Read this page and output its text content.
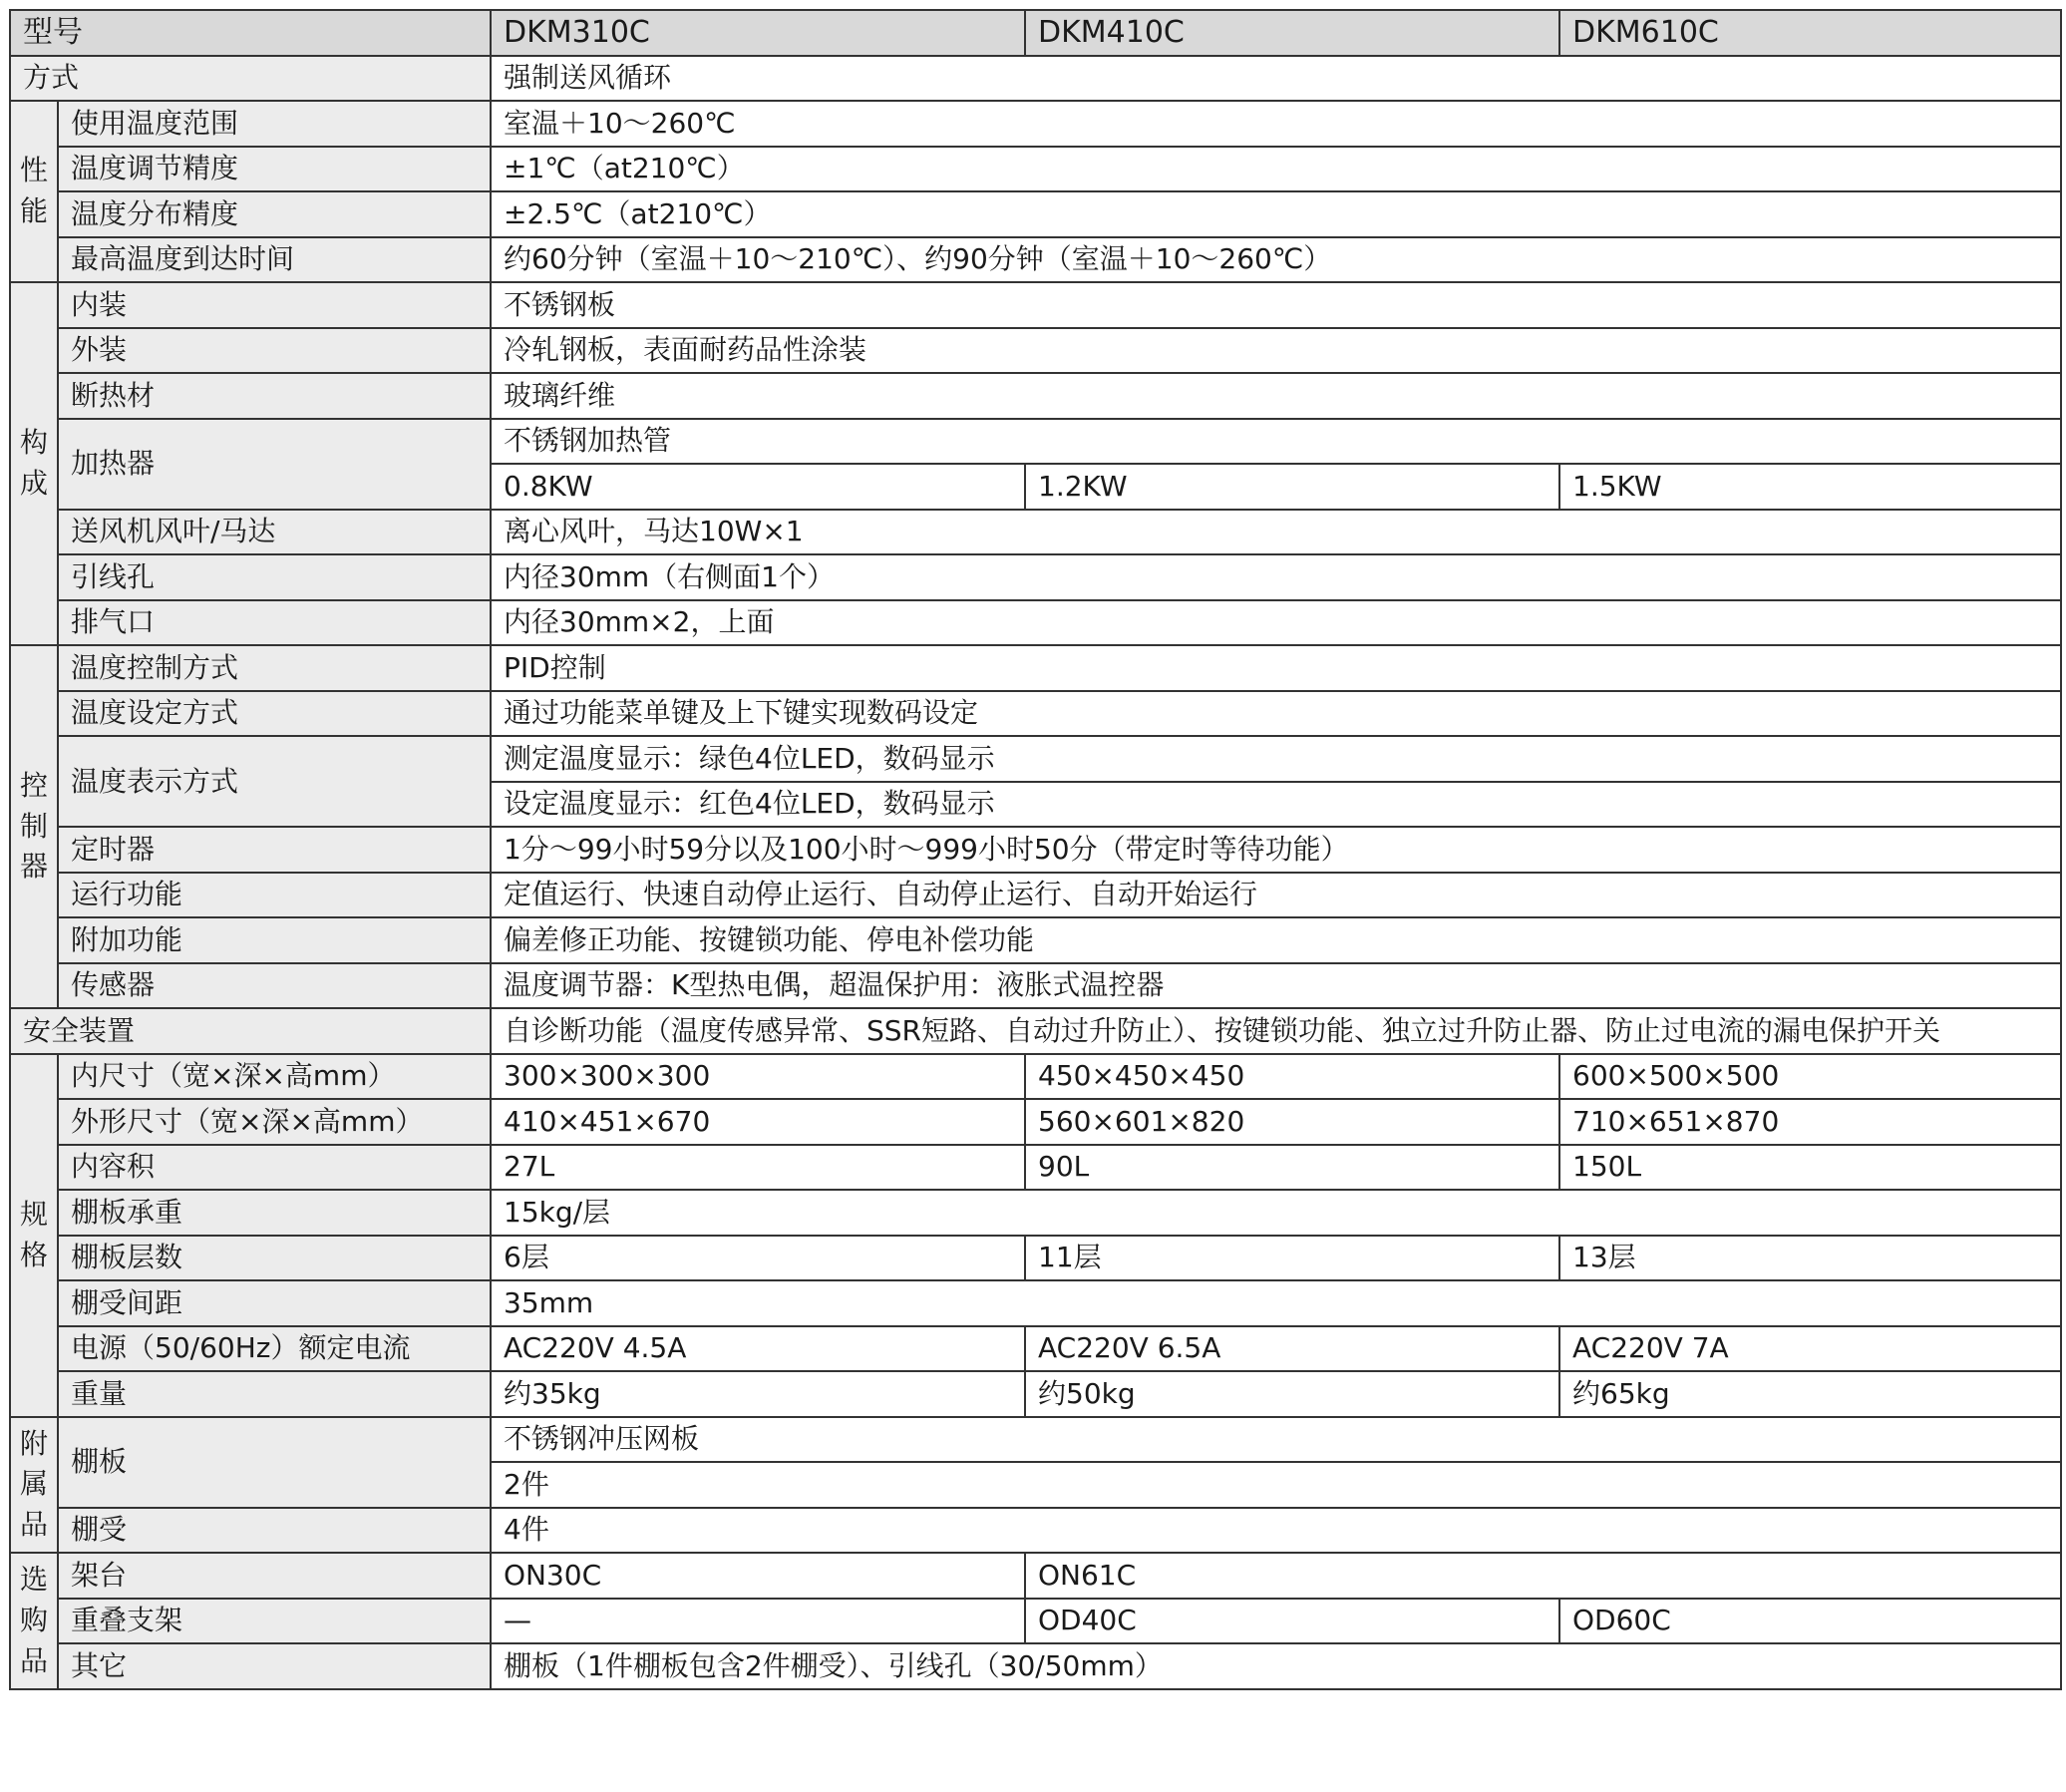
型号		DKM310C	DKM410C	DKM610C
方式		强制送风循环		
性能	使用温度范围	室温＋10～260℃		
	温度调节精度	±1℃（at210℃）		
	温度分布精度	±2.5℃（at210℃）		
	最高温度到达时间	约60分钟（室温＋10～210℃）、约90分钟（室温＋10～260℃）		
构成	内装	不锈钢板		
	外装	冷轧钢板，表面耐药品性涂装		
	断热材	玻璃纤维		
	加热器	不锈钢加热管		
		0.8KW	1.2KW	1.5KW
	送风机风叶/马达	离心风叶，马达10W×1		
	引线孔	内径30mm（右侧面1个）		
	排气口	内径30mm×2，上面		
控制器	温度控制方式	PID控制		
	温度设定方式	通过功能菜单键及上下键实现数码设定		
	温度表示方式	测定温度显示：绿色4位LED，数码显示		
		设定温度显示：红色4位LED，数码显示		
	定时器	1分～99小时59分以及100小时～999小时50分（带定时等待功能）		
	运行功能	定值运行、快速自动停止运行、自动停止运行、自动开始运行		
	附加功能	偏差修正功能、按键锁功能、停电补偿功能		
	传感器	温度调节器：K型热电偶，超温保护用：液胀式温控器		
安全装置		自诊断功能（温度传感异常、SSR短路、自动过升防止）、按键锁功能、独立过升防止器、防止过电流的漏电保护开关		
规格	内尺寸（宽×深×高mm）	300×300×300	450×450×450	600×500×500
	外形尺寸（宽×深×高mm）	410×451×670	560×601×820	710×651×870
	内容积	27L	90L	150L
	棚板承重	15kg/层		
	棚板层数	6层	11层	13层
	棚受间距	35mm		
	电源（50/60Hz）额定电流	AC220V 4.5A	AC220V 6.5A	AC220V 7A
	重量	约35kg	约50kg	约65kg
附属品	棚板	不锈钢冲压网板		
		2件		
	棚受	4件		
选购品	架台	ON30C	ON61C	
	重叠支架	—	OD40C	OD60C
	其它	棚板（1件棚板包含2件棚受）、引线孔（30/50mm）		
